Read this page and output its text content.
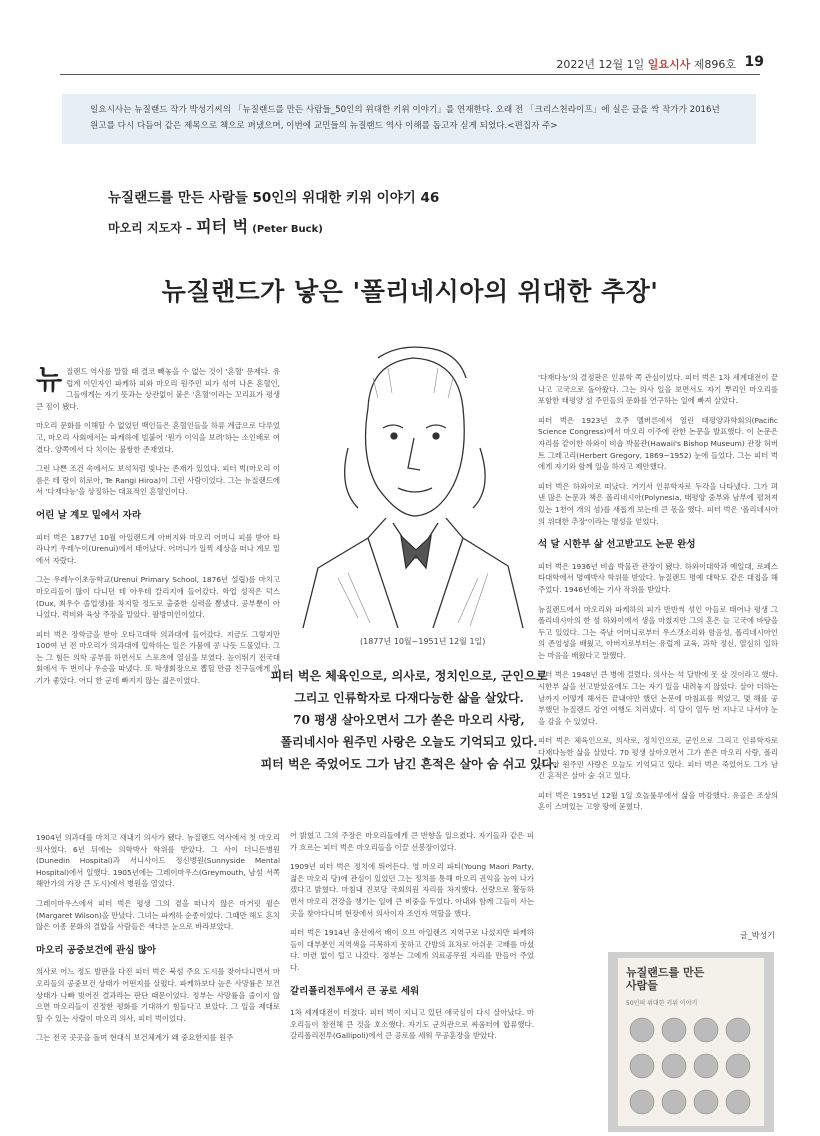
2022년 12월 1일 일요시사 제896호 19

일요시사는 뉴질랜드 작가 박성기씨의 「뉴질랜드를 만든 사람들_50인의 위대한 키위 이야기」를 연재한다. 오래 전 「크리스천라이프」에 실은 글을 싹 작가가 2016년 원고를 다시 다듬어 같은 제목으로 책으로 펴냈으며, 이번에 교민들의 뉴질랜드 역사 이해를 돕고자 싣게 되었다.<편집자 주>

뉴질랜드를 만든 사람들 50인의 위대한 키위 이야기 46
마오리 지도자 – 피터 벅 (Peter Buck)
뉴질랜드가 낳은 '폴리네시아의 위대한 추장'

뉴질랜드 역사를 말할 때 결코 빼놓을 수 없는 것이 '혼혈' 문제다. 유럽계 이민자인 파케하 피와 마오리 원주민 피가 섞여 나온 혼혈인, 그들에게는 자기 뜻과는 상관없이 붙은 '혼혈'이라는 꼬리표가 평생 큰 짐이 됐다.

마오리 문화를 이해할 수 없었던 백인들은 혼혈인들을 하류 계급으로 다루었고, 마오리 사회에서는 파케하에 빌붙어 '뭔가 이익을 보려'하는 소인배로 여겼다. 양쪽에서 다 치이는 불쌍한 존재였다.

그런 나쁜 조건 속에서도 보석처럼 빛나는 존재가 있었다. 피터 벅(마오리 이름은 테 랑이 히로아, Te Rangi Hiroa)이 그런 사람이었다. 그는 뉴질랜드에서 '다재다능'을 상징하는 대표적인 혼혈인이다.

어린 날 계모 밑에서 자라

피터 벅은 1877년 10월 아일랜드계 아버지와 마오리 어머니 피를 받아 타라나키 우레누이(Urenui)에서 태어났다. 어머니가 일찍 세상을 떠나 계모 밑에서 자랐다.

그는 우레누이초등학교(Urenui Primary School, 1876년 설립)를 마치고 마오리들이 많이 다니던 테 아우테 칼리지에 들어갔다. 학업 성적은 덕스(Dux, 최우수 졸업생)를 차지할 정도로 출중한 실력을 뽐냈다. 공부뿐이 아니었다. 럭비와 육상 주장을 맡았다. 팔방미인이었다.

피터 벅은 장학금을 받아 오타고대학 의과대에 들어갔다. 지금도 그렇지만 100여 년 전 마오리가 의과대에 입학하는 일은 가뭄에 콩 나듯 드물었다. 그는 그 힘든 의학 공부를 하면서도 스포츠에 열심을 보였다. 높이뛰기 전국대회에서 두 번이나 우승을 따냈다. 또 학생회장으로 뽑힐 만큼 친구들에게 인기가 좋았다. 어디 한 군데 빠지지 않는 젊은이였다.

1904년 의과대를 마치고 새내기 의사가 됐다. 뉴질랜드 역사에서 첫 마오리 의사였다. 6년 뒤에는 의학박사 학위를 받았다. 그 사이 더니든병원(Dunedin Hospital)과 서니사이드 정신병원(Sunnyside Mental Hospital)에서 일했다. 1905년에는 그레이마우스(Greymouth, 남섬 서쪽 해안가의 가장 큰 도시)에서 병원을 열었다.

그레이마우스에서 피터 벅은 평생 그의 곁을 떠나지 않은 마거릿 윌슨(Margaret Wilson)을 만났다. 그녀는 파케하 순종이었다. 그때만 해도 흔치 않은 이종 문화의 결합을 사람들은 색다른 눈으로 바라보았다.

마오리 공중보건에 관심 많아

의사로 어느 정도 발판을 다진 피터 벅은 북섬 주요 도시를 찾아다니면서 마오리들의 공중보건 상태가 어떤지를 살폈다. 파케하보다 높은 사망률은 보건 상태가 나빠 빚어진 결과라는 판단 때문이었다. 정부는 사망률을 줄이지 않으면 마오리들이 진정한 평화를 기대하기 힘들다고 보았다. 그 일을 제대로 할 수 있는 사람이 마오리 의사, 피터 벅이었다.

그는 전국 곳곳을 돌며 현대식 보건체계가 왜 중요한지를 원주

(1877년 10월~1951년 12월 1일)
피터 벅은 체육인으로, 의사로, 정치인으로, 군인으로
그리고 인류학자로 다재다능한 삶을 살았다.
70 평생 살아오면서 그가 쏟은 마오리 사랑,
폴리네시아 원주민 사랑은 오늘도 기억되고 있다.
피터 벅은 죽었어도 그가 남긴 흔적은 살아 숨 쉬고 있다.

어 밝혔고 그의 주장은 마오리들에게 큰 반향을 일으켰다. 자기들과 같은 피가 흐르는 피터 벅은 마오리들을 이끌 선봉장이었다.

1909년 피터 벅은 정치에 뛰어든다. 영 마오리 파티(Young Maori Party, 젊은 마오리 당)에 관심이 있었던 그는 정치를 통해 마오리 권익을 높여 나가겠다고 밝혔다. 마침내 진보당 국회의원 자리를 차지했다. 선량으로 활동하면서 마오리 건강을 챙기는 일에 큰 비중을 두었다. 아내와 함께 그들이 사는 곳을 찾아다니며 현장에서 의사이자 조언자 역할을 했다.

피터 벅은 1914년 총선에서 배이 오브 아일랜즈 지역구로 나섰지만 파케하들이 대부분인 지역색을 극복하지 못하고 간발의 표차로 아쉬운 고배를 마셨다. 미련 없이 털고 나갔다. 정부는 그에게 의료공무원 자리를 만들어 주었다.

갈리폴리전투에서 큰 공로 세워

1차 세계대전이 터졌다. 피터 벅이 지니고 있던 애국심이 다시 살아났다. 마오리들이 참전해 큰 것을 호소했다. 자기도 군의관으로 싸움터에 합류했다. 갈리폴리전투(Gallipoli)에서 큰 공로를 세워 무공훈장을 받았다.

'다재다능'의 결정판은 인류학 쪽 관심이었다. 피터 벅은 1차 세계대전이 끝나고 고국으로 돌아왔다. 그는 의사 일을 보면서도 자기 뿌리인 마오리를 포함한 태평양 섬 주민들의 문화를 연구하는 일에 빠져 살았다.

피터 벅은 1923년 호주 멜버른에서 열린 태평양과학회의(Pacific Science Congress)에서 마오리 이주에 관한 논문을 발표했다. 이 논문은 자리를 같이한 하와이 비숍 박물관(Hawaii's Bishop Museum) 관장 허버트 그레고리(Herbert Gregory, 1869~1952) 눈에 들었다. 그는 피터 벅에게 자기와 함께 일을 하자고 제안했다.

피터 벅은 하와이로 떠났다. 거기서 인류학자로 두각을 나타냈다. 그가 펴낸 많은 논문과 책은 폴리네시아(Polynesia, 태평양 중부와 남부에 펼쳐져 있는 1천여 개의 섬)를 새롭게 보는데 큰 몫을 했다. 피터 벅은 '폴리네시아의 위대한 추장'이라는 명성을 얻었다.

석 달 시한부 삶 선고받고도 논문 완성

피터 벅은 1936년 비숍 박물관 관장이 됐다. 하와이대학과 예일대, 로페스타대학에서 명예박사 학위를 받았다. 뉴질랜드 명예 대학도 같은 대접을 해주었다. 1946년에는 기사 작위를 받았다.

뉴질랜드에서 마오리와 파케하의 피가 반반씩 섞인 아들로 태어나 평생 그 폴리네시아의 한 섬 하와이에서 생을 마쳤지만 그의 혼은 늘 고국에 바탕을 두고 있었다. 그는 죽날 어머니로부터 우스갯소리와 함음성, 폴리네시아인의 존엄성을 배웠고, 아버지로부터는 유럽계 교육, 과학 정신, 열심히 일하는 마음을 배웠다고 말했다.

피터 벅은 1948년 큰 병에 걸렸다. 의사는 석 달밖에 못 살 것이라고 했다. 시한부 삶을 선고받았음에도 그는 자기 일을 내려놓지 않았다. 살아 더하는 날까지 어떻게 해서든 끝내야만 했던 논문에 마침표를 찍었고, 몇 해를 공부했던 뉴질랜드 강연 여행도 치러냈다. 석 달이 열두 번 지나고 나서야 눈을 감을 수 있었다.

피터 벅은 체육인으로, 의사로, 정치인으로, 군인으로 그리고 인류학자로 다재다능한 삶을 살았다. 70 평생 살아오면서 그가 쏟은 마오리 사랑, 폴리네시아 원주민 사랑은 오늘도 기억되고 있다. 피터 벅은 죽었어도 그가 남긴 흔적은 살아 숨 쉬고 있다.

피터 벅은 1951년 12월 1일 호놀룰루에서 삶을 마감했다. 유골은 조상의 혼이 스며있는 고향 땅에 묻혔다.

글_박성기
뉴질랜드를 만든
사람들
50인의 위대한 키위 이야기
